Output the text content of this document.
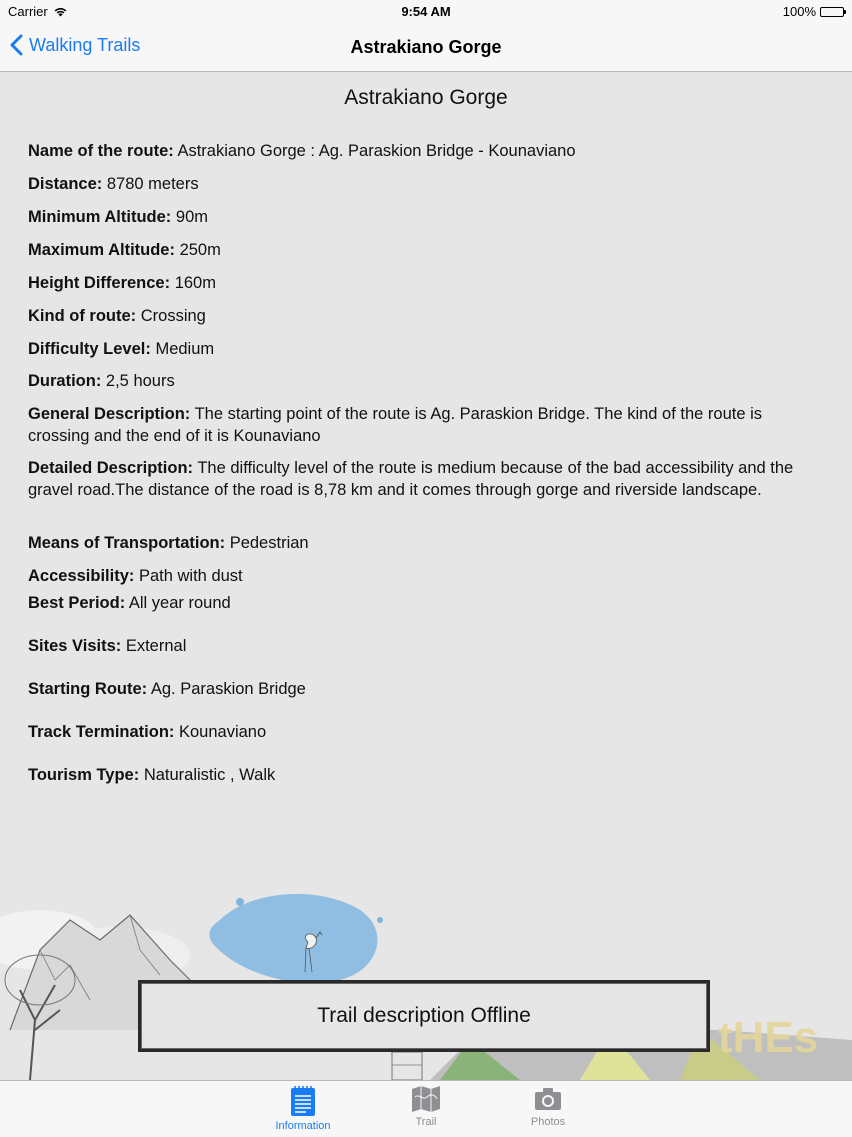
Carrier	9:54 AM	100%
Walking Trails	Astrakiano Gorge
Astrakiano Gorge
Name of the route: Astrakiano Gorge : Ag. Paraskion Bridge - Kounaviano
Distance: 8780 meters
Minimum Altitude: 90m
Maximum Altitude: 250m
Height Difference: 160m
Kind of route: Crossing
Difficulty Level: Medium
Duration: 2,5 hours
General Description: The starting point of the route is Ag. Paraskion Bridge. The kind of the route is crossing and the end of it is Kounaviano
Detailed Description: The difficulty level of the route is medium because of the bad accessibility and the gravel road.The distance of the road is 8,78 km and it comes through gorge and riverside landscape.
Means of Transportation: Pedestrian
Accessibility: Path with dust
Best Period: All year round
Sites Visits: External
Starting Route: Ag. Paraskion Bridge
Track Termination: Kounaviano
Tourism Type: Naturalistic , Walk
tHEs
Trail description Offline
Information	Trail	Photos
